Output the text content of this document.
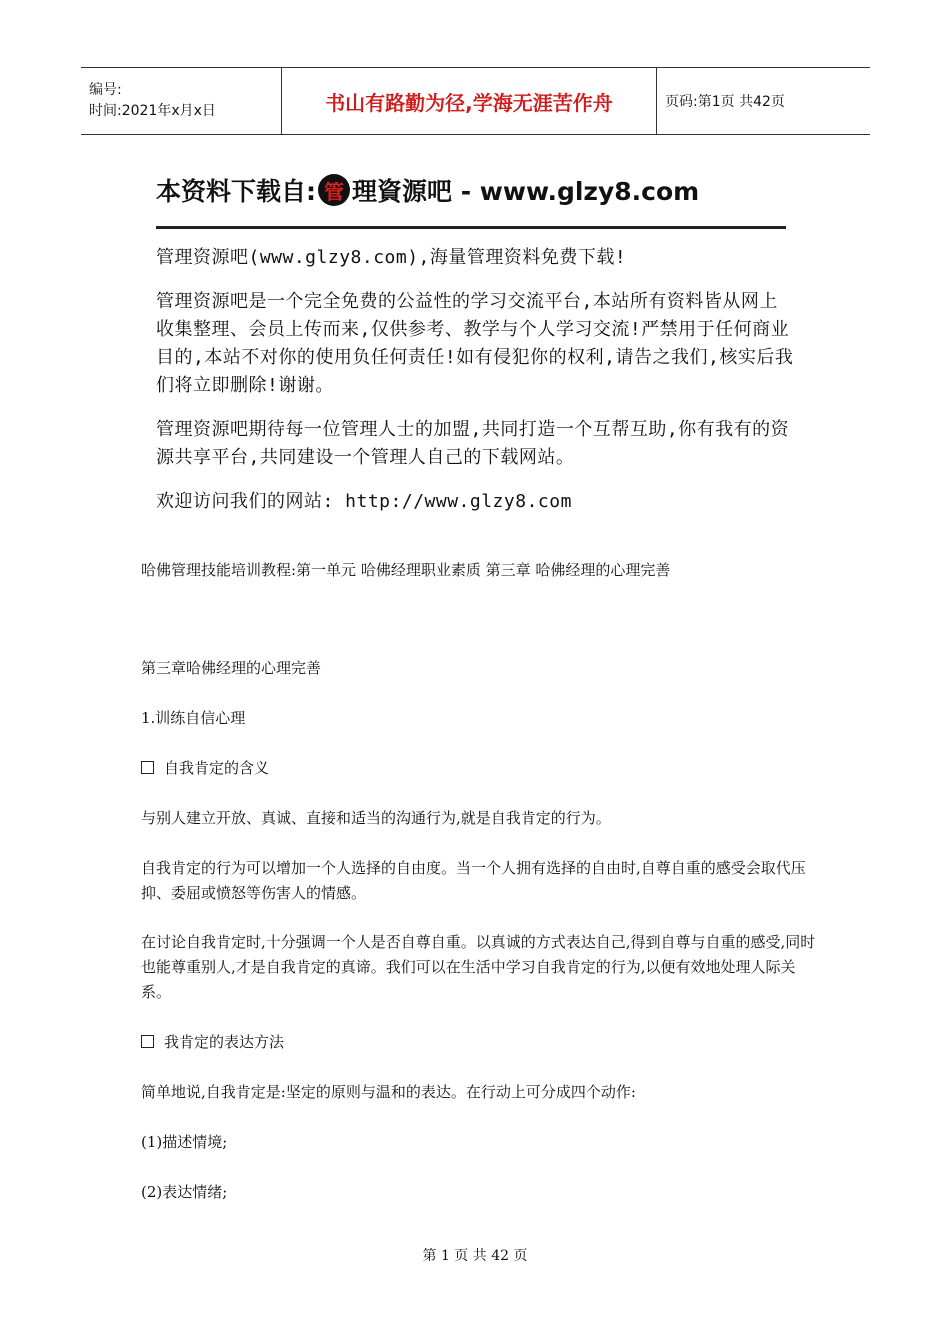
编号:
时间:2021年x月x日	书山有路勤为径,学海无涯苦作舟	页码:第1页 共42页
本资料下载自: 管 理資源吧 - www.glzy8.com

管理资源吧(www.glzy8.com),海量管理资料免费下载!

管理资源吧是一个完全免费的公益性的学习交流平台,本站所有资料皆从网上收集整理、会员上传而来,仅供参考、教学与个人学习交流!严禁用于任何商业目的,本站不对你的使用负任何责任!如有侵犯你的权利,请告之我们,核实后我们将立即删除!谢谢。

管理资源吧期待每一位管理人士的加盟,共同打造一个互帮互助,你有我有的资源共享平台,共同建设一个管理人自己的下载网站。

欢迎访问我们的网站: http://www.glzy8.com

哈佛管理技能培训教程:第一单元 哈佛经理职业素质 第三章 哈佛经理的心理完善

第三章哈佛经理的心理完善

1.训练自信心理

自我肯定的含义

与别人建立开放、真诚、直接和适当的沟通行为,就是自我肯定的行为。

自我肯定的行为可以增加一个人选择的自由度。当一个人拥有选择的自由时,自尊自重的感受会取代压抑、委屈或愤怒等伤害人的情感。

在讨论自我肯定时,十分强调一个人是否自尊自重。以真诚的方式表达自己,得到自尊与自重的感受,同时也能尊重别人,才是自我肯定的真谛。我们可以在生活中学习自我肯定的行为,以便有效地处理人际关系。

我肯定的表达方法

简单地说,自我肯定是:坚定的原则与温和的表达。在行动上可分成四个动作:

(1)描述情境;

(2)表达情绪;

第 1 页 共 42 页
